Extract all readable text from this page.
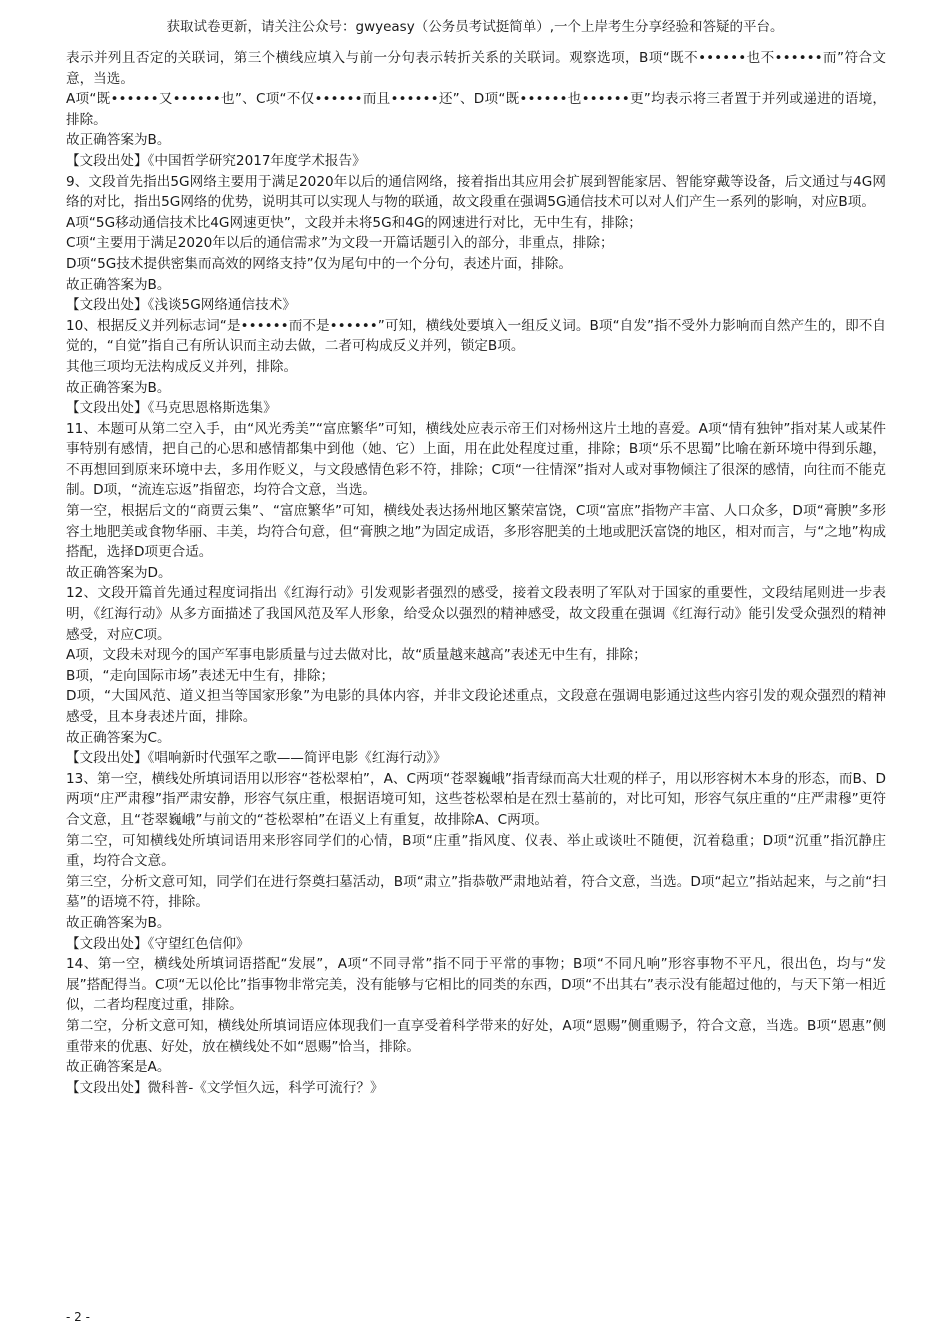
获取试卷更新，请关注公众号：gwyeasy（公务员考试挺简单）,一个上岸考生分享经验和答疑的平台。

表示并列且否定的关联词，第三个横线应填入与前一分句表示转折关系的关联词。观察选项，B项“既不••••••也不••••••而”符合文意，当选。

A项“既••••••又••••••也”、C项“不仅••••••而且••••••还”、D项“既••••••也••••••更”均表示将三者置于并列或递进的语境，排除。

故正确答案为B。

【文段出处】《中国哲学研究2017年度学术报告》

9、文段首先指出5G网络主要用于满足2020年以后的通信网络，接着指出其应用会扩展到智能家居、智能穿戴等设备，后文通过与4G网络的对比，指出5G网络的优势，说明其可以实现人与物的联通，故文段重在强调5G通信技术可以对人们产生一系列的影响，对应B项。

A项“5G移动通信技术比4G网速更快”，文段并未将5G和4G的网速进行对比，无中生有，排除；

C项“主要用于满足2020年以后的通信需求”为文段一开篇话题引入的部分，非重点，排除；

D项“5G技术提供密集而高效的网络支持”仅为尾句中的一个分句，表述片面，排除。

故正确答案为B。

【文段出处】《浅谈5G网络通信技术》

10、根据反义并列标志词“是••••••而不是••••••”可知，横线处要填入一组反义词。B项“自发”指不受外力影响而自然产生的，即不自觉的，“自觉”指自己有所认识而主动去做，二者可构成反义并列，锁定B项。

其他三项均无法构成反义并列，排除。

故正确答案为B。

【文段出处】《马克思恩格斯选集》

11、本题可从第二空入手，由“风光秀美”“富庶繁华”可知，横线处应表示帝王们对杨州这片土地的喜爱。A项“情有独钟”指对某人或某件事特别有感情，把自己的心思和感情都集中到他（她、它）上面，用在此处程度过重，排除；B项“乐不思蜀”比喻在新环境中得到乐趣，不再想回到原来环境中去，多用作贬义，与文段感情色彩不符，排除；C项“一往情深”指对人或对事物倾注了很深的感情，向往而不能克制。D项，“流连忘返”指留恋，均符合文意，当选。

第一空，根据后文的“商贾云集”、“富庶繁华”可知，横线处表达扬州地区繁荣富饶，C项“富庶”指物产丰富、人口众多，D项“膏腴”多形容土地肥美或食物华丽、丰美，均符合句意，但“膏腴之地”为固定成语，多形容肥美的土地或肥沃富饶的地区，相对而言，与“之地”构成搭配，选择D项更合适。

故正确答案为D。

12、文段开篇首先通过程度词指出《红海行动》引发观影者强烈的感受，接着文段表明了军队对于国家的重要性，文段结尾则进一步表明，《红海行动》从多方面描述了我国风范及军人形象，给受众以强烈的精神感受，故文段重在强调《红海行动》能引发受众强烈的精神感受，对应C项。

A项，文段未对现今的国产军事电影质量与过去做对比，故“质量越来越高”表述无中生有，排除；

B项，“走向国际市场”表述无中生有，排除；

D项，“大国风范、道义担当等国家形象”为电影的具体内容，并非文段论述重点，文段意在强调电影通过这些内容引发的观众强烈的精神感受，且本身表述片面，排除。

故正确答案为C。

【文段出处】《唱响新时代强军之歌——简评电影《红海行动》》

13、第一空，横线处所填词语用以形容“苍松翠柏”，A、C两项“苍翠巍峨”指青绿而高大壮观的样子，用以形容树木本身的形态，而B、D两项“庄严肃穆”指严肃安静，形容气氛庄重，根据语境可知，这些苍松翠柏是在烈士墓前的，对比可知，形容气氛庄重的“庄严肃穆”更符合文意，且“苍翠巍峨”与前文的“苍松翠柏”在语义上有重复，故排除A、C两项。

第二空，可知横线处所填词语用来形容同学们的心情，B项“庄重”指风度、仪表、举止或谈吐不随便，沉着稳重；D项“沉重”指沉静庄重，均符合文意。

第三空，分析文意可知，同学们在进行祭奠扫墓活动，B项“肃立”指恭敬严肃地站着，符合文意，当选。D项“起立”指站起来，与之前“扫墓”的语境不符，排除。

故正确答案为B。

【文段出处】《守望红色信仰》

14、第一空，横线处所填词语搭配“发展”，A项“不同寻常”指不同于平常的事物；B项“不同凡响”形容事物不平凡，很出色，均与“发展”搭配得当。C项“无以伦比”指事物非常完美，没有能够与它相比的同类的东西，D项“不出其右”表示没有能超过他的，与天下第一相近似，二者均程度过重，排除。

第二空，分析文意可知，横线处所填词语应体现我们一直享受着科学带来的好处，A项“恩赐”侧重赐予，符合文意，当选。B项“恩惠”侧重带来的优惠、好处，放在横线处不如“恩赐”恰当，排除。

故正确答案是A。

【文段出处】微科普-《文学恒久远，科学可流行？》

- 2 -
